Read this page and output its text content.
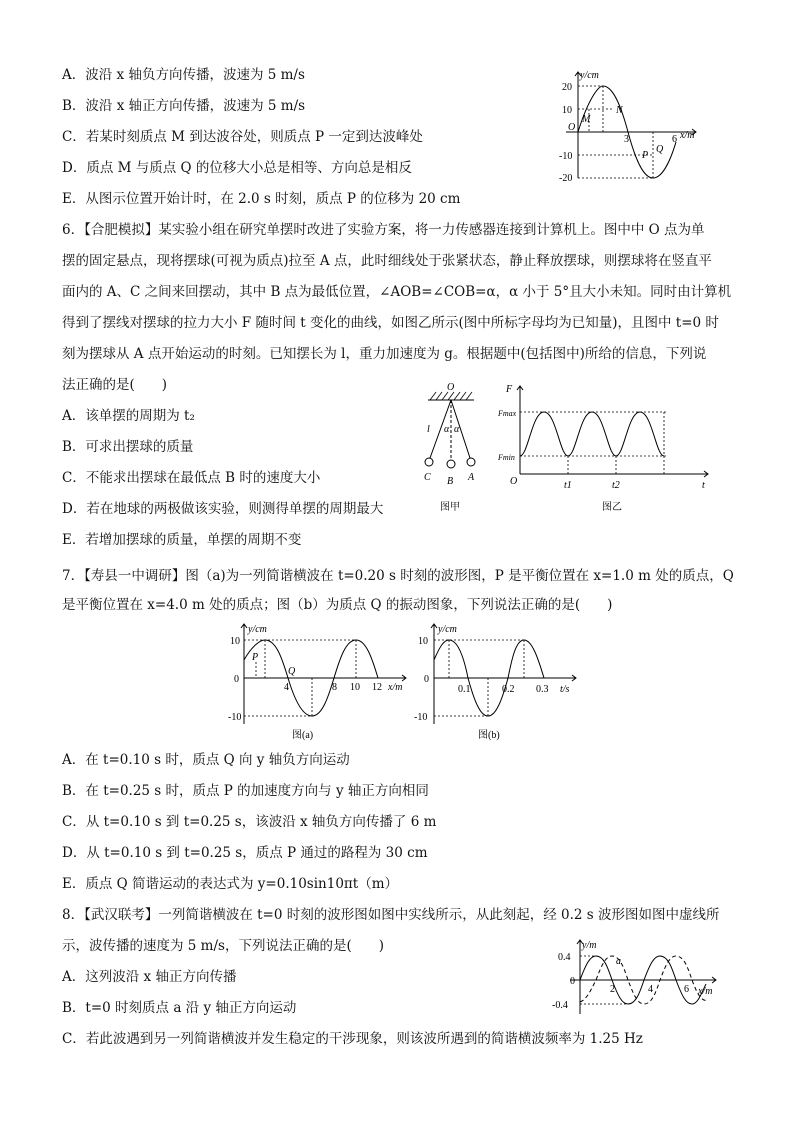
A．波沿 x 轴负方向传播，波速为 5 m/s
B．波沿 x 轴正方向传播，波速为 5 m/s
C．若某时刻质点 M 到达波谷处，则质点 P 一定到达波峰处
D．质点 M 与质点 Q 的位移大小总是相等、方向总是相反
E．从图示位置开始计时，在 2.0 s 时刻，质点 P 的位移为 20 cm
y/cm
20
10
-10
-20
O
3	6 x/m
M
N
P
Q
6．【合肥模拟】某实验小组在研究单摆时改进了实验方案，将一力传感器连接到计算机上。图中中 O 点为单
摆的固定悬点，现将摆球(可视为质点)拉至 A 点，此时细线处于张紧状态，静止释放摆球，则摆球将在竖直平
面内的 A、C 之间来回摆动，其中 B 点为最低位置，∠AOB=∠COB=α，α 小于 5°且大小未知。同时由计算机
得到了摆线对摆球的拉力大小 F 随时间 t 变化的曲线，如图乙所示(图中所标字母均为已知量)，且图中 t=0 时
刻为摆球从 A 点开始运动的时刻。已知摆长为 l，重力加速度为 g。根据题中(包括图中)所给的信息，下列说
法正确的是(　　)
A．该单摆的周期为 t₂
B．可求出摆球的质量
C．不能求出摆球在最低点 B 时的速度大小
D．若在地球的两极做该实验，则测得单摆的周期最大
E．若增加摆球的质量，单摆的周期不变
O
l α α
C B A
图甲
F
Fmax
Fmin
O	t1	t2	t
图乙
7．【寿县一中调研】图（a)为一列简谐横波在 t=0.20 s 时刻的波形图，P 是平衡位置在 x=1.0 m 处的质点，Q
是平衡位置在 x=4.0 m 处的质点；图（b）为质点 Q 的振动图象，下列说法正确的是(　　)
y/cm
10
0
-10
4	8 10 12 x/m
P
Q
图(a)
y/cm
10
0
-10
0.1	0.2 0.3 t/s
图(b)
A．在 t=0.10 s 时，质点 Q 向 y 轴负方向运动
B．在 t=0.25 s 时，质点 P 的加速度方向与 y 轴正方向相同
C．从 t=0.10 s 到 t=0.25 s，该波沿 x 轴负方向传播了 6 m
D．从 t=0.10 s 到 t=0.25 s，质点 P 通过的路程为 30 cm
E．质点 Q 简谐运动的表达式为 y=0.10sin10πt（m）
8．【武汉联考】一列简谐横波在 t=0 时刻的波形图如图中实线所示，从此刻起，经 0.2 s 波形图如图中虚线所
示，波传播的速度为 5 m/s，下列说法正确的是(　　)
A．这列波沿 x 轴正方向传播
B．t=0 时刻质点 a 沿 y 轴正方向运动
C．若此波遇到另一列简谐横波并发生稳定的干涉现象，则该波所遇到的简谐横波频率为 1.25 Hz
y/m
0.4
0
-0.4
2	4	6 x/m
a
